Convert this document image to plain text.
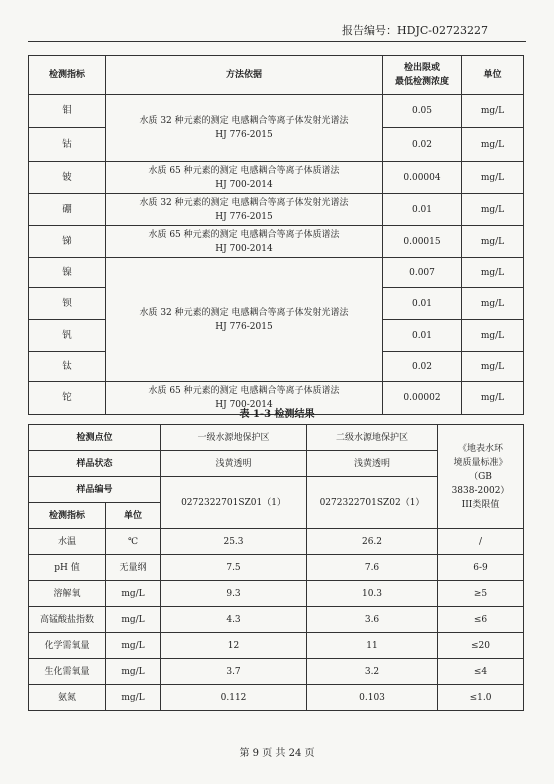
报告编号：HDJC-02723227
检测指标	方法依据	检出限或
最低检测浓度	单位
钼	水质 32 种元素的测定 电感耦合等离子体发射光谱法
HJ 776-2015	0.05	mg/L
钴		0.02	mg/L
铍	水质 65 种元素的测定 电感耦合等离子体质谱法
HJ 700-2014	0.00004	mg/L
硼	水质 32 种元素的测定 电感耦合等离子体发射光谱法
HJ 776-2015	0.01	mg/L
锑	水质 65 种元素的测定 电感耦合等离子体质谱法
HJ 700-2014	0.00015	mg/L
镍	水质 32 种元素的测定 电感耦合等离子体发射光谱法
HJ 776-2015	0.007	mg/L
钡		0.01	mg/L
钒		0.01	mg/L
钛		0.02	mg/L
铊	水质 65 种元素的测定 电感耦合等离子体质谱法
HJ 700-2014	0.00002	mg/L
表 1-3 检测结果
检测点位		一级水源地保护区	二级水源地保护区	《地表水环
境质量标准》
（GB
3838-2002）
III类限值
样品状态		浅黄透明	浅黄透明	
样品编号		0272322701SZ01（1）	0272322701SZ02（1）	
检测指标	单位			
水温	℃	25.3	26.2	/
pH 值	无量纲	7.5	7.6	6-9
溶解氧	mg/L	9.3	10.3	≥5
高锰酸盐指数	mg/L	4.3	3.6	≤6
化学需氧量	mg/L	12	11	≤20
生化需氧量	mg/L	3.7	3.2	≤4
氨氮	mg/L	0.112	0.103	≤1.0
第 9 页 共 24 页
